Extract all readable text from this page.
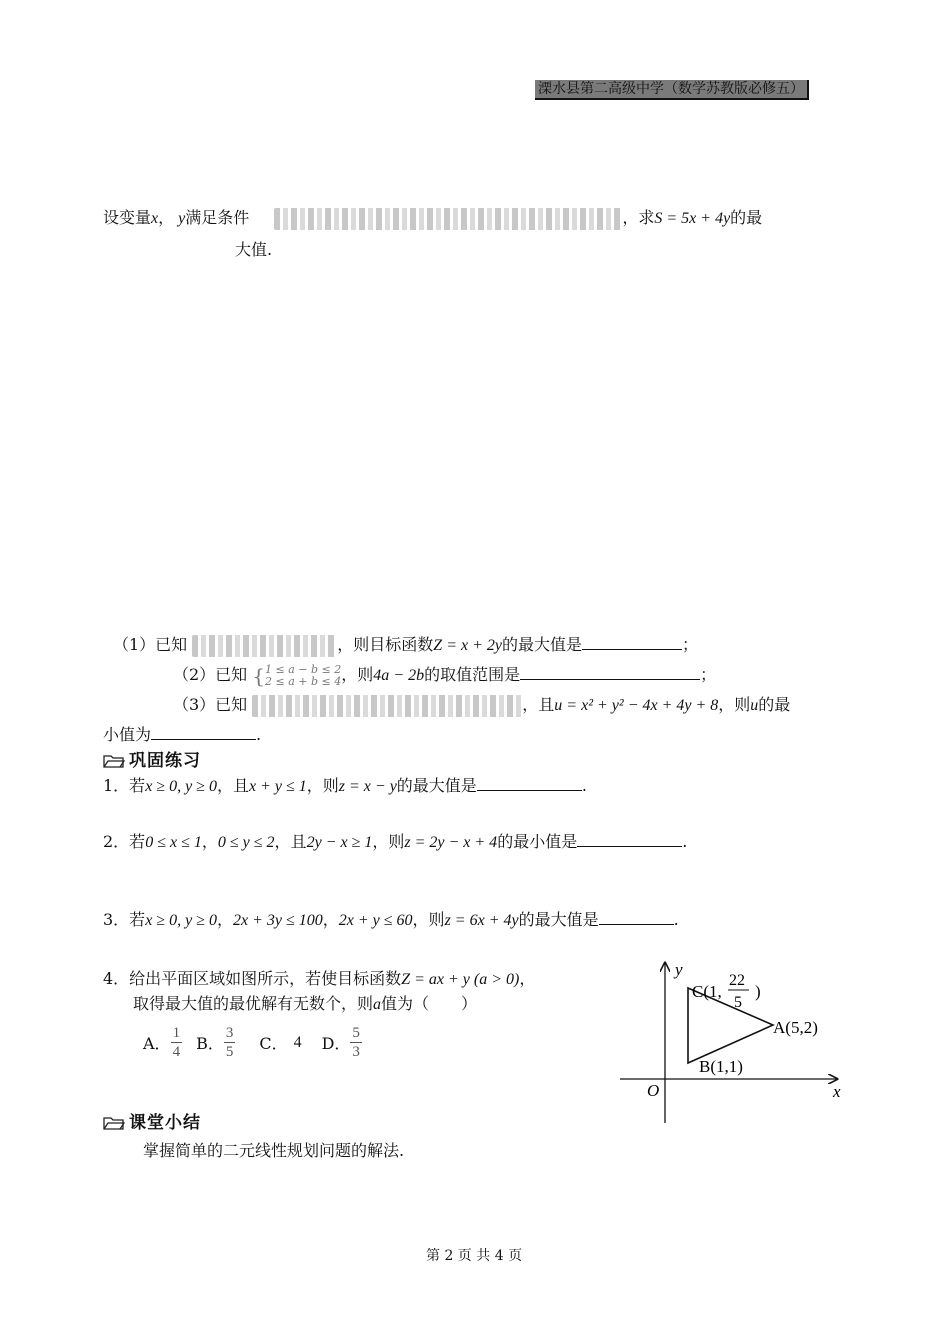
溧水县第二高级中学（数学苏教版必修五）
设变量x， y满足条件	，求S = 5x + 4y的最
大值.
（1）已知	，则目标函数Z = x + 2y的最大值是	；
（2）已知 { 1 ≤ a − b ≤ 2
2 ≤ a + b ≤ 4 ，则4a − 2b的取值范围是	；
（3）已知	，且u = x² + y² − 4x + 4y + 8，则u的最
小值为	.
巩固练习
1．若x ≥ 0, y ≥ 0，且x + y ≤ 1，则z = x − y的最大值是	.
2．若0 ≤ x ≤ 1，0 ≤ y ≤ 2，且2y − x ≥ 1，则z = 2y − x + 4的最小值是	.
3．若x ≥ 0, y ≥ 0，2x + 3y ≤ 100，2x + y ≤ 60，则z = 6x + 4y的最大值是	.
4．给出平面区域如图所示，若使目标函数Z = ax + y (a > 0)，
取得最大值的最优解有无数个，则a值为（　　）
A． $\frac{1}{4}$ B． $\frac{3}{5}$ C． 4 D． $\frac{5}{3}$
y
x
O
A(5,2)
B(1,1)
C(1,
22
5
)
课堂小结
掌握简单的二元线性规划问题的解法.
第 2 页 共 4 页
